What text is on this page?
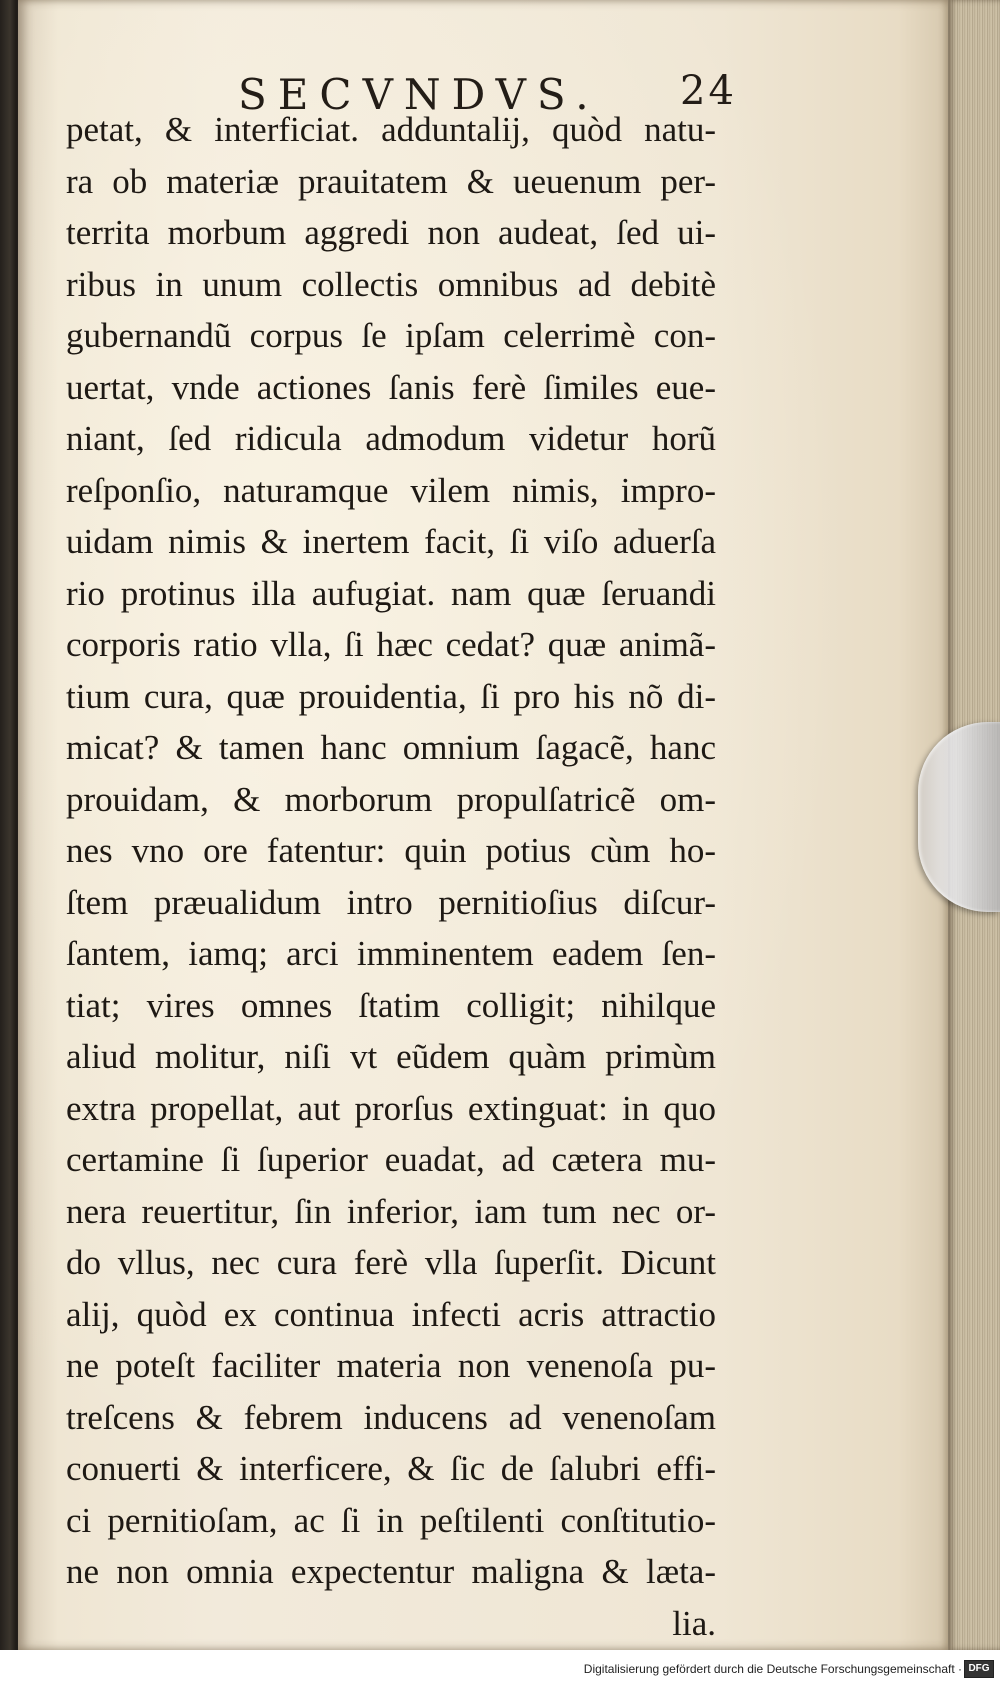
SECVNDVS. 24
petat, & interficiat. adduntalij, quòd natu-
ra ob materiæ prauitatem & ueuenum per-
territa morbum aggredi non audeat, ſed ui-
ribus in unum collectis omnibus ad debitè
gubernandũ corpus ſe ipſam celerrimè con-
uertat, vnde actiones ſanis ferè ſimiles eue-
niant, ſed ridicula admodum videtur horũ
reſponſio, naturamque vilem nimis, impro-
uidam nimis & inertem facit, ſi viſo aduerſa
rio protinus illa aufugiat. nam quæ ſeruandi
corporis ratio vlla, ſi hæc cedat? quæ animã-
tium cura, quæ prouidentia, ſi pro his nõ di-
micat? & tamen hanc omnium ſagacẽ, hanc
prouidam, & morborum propulſatricẽ om-
nes vno ore fatentur: quin potius cùm ho-
ſtem præualidum intro pernitioſius diſcur-
ſantem, iamq; arci imminentem eadem ſen-
tiat; vires omnes ſtatim colligit; nihilque
aliud molitur, niſi vt eũdem quàm primùm
extra propellat, aut prorſus extinguat: in quo
certamine ſi ſuperior euadat, ad cætera mu-
nera reuertitur, ſin inferior, iam tum nec or-
do vllus, nec cura ferè vlla ſuperſit. Dicunt
alij, quòd ex continua infecti acris attractio
ne poteſt faciliter materia non venenoſa pu-
treſcens & febrem inducens ad venenoſam
conuerti & interficere, & ſic de ſalubri effi-
ci pernitioſam, ac ſi in peſtilenti conſtitutio-
ne non omnia expectentur maligna & læta-
lia.
Digitalisierung gefördert durch die Deutsche Forschungsgemeinschaft · DFG
